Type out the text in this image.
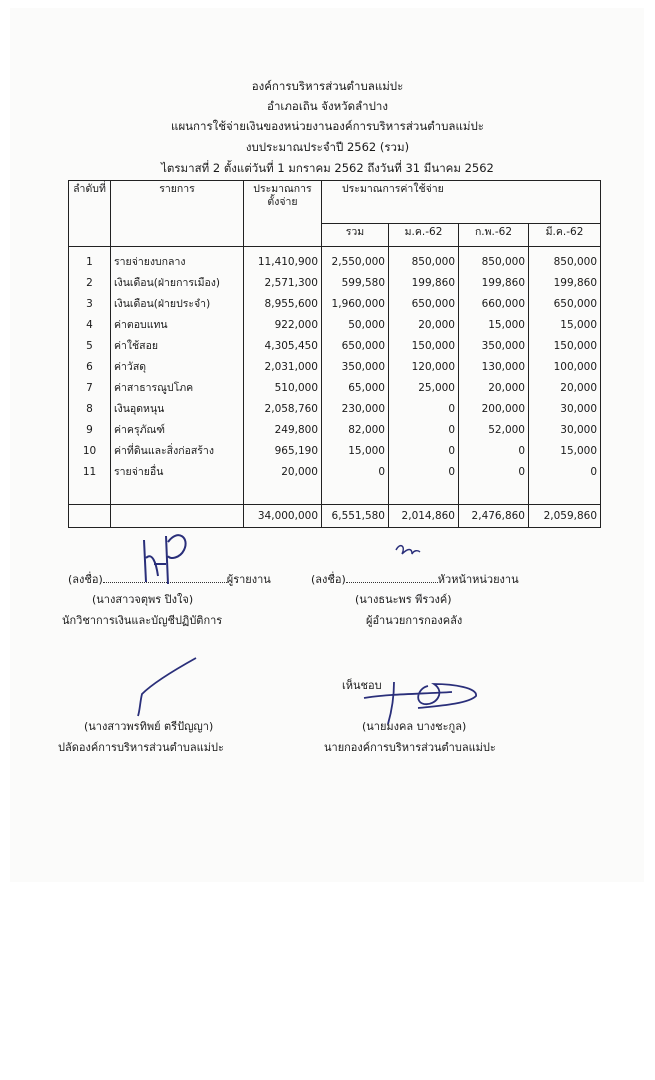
องค์การบริหารส่วนตำบลแม่ปะ
อำเภอเถิน จังหวัดลำปาง
แผนการใช้จ่ายเงินของหน่วยงานองค์การบริหารส่วนตำบลแม่ปะ
งบประมาณประจำปี 2562 (รวม)
ไตรมาสที่ 2 ตั้งแต่วันที่ 1 มกราคม 2562 ถึงวันที่ 31 มีนาคม 2562
ลำดับที่	รายการ	ประมาณการ
ตั้งจ่าย	ประมาณการค่าใช้จ่าย			
			รวม	ม.ค.-62	ก.พ.-62	มี.ค.-62
1	รายจ่ายงบกลาง	11,410,900	2,550,000	850,000	850,000	850,000
2	เงินเดือน(ฝ่ายการเมือง)	2,571,300	599,580	199,860	199,860	199,860
3	เงินเดือน(ฝ่ายประจำ)	8,955,600	1,960,000	650,000	660,000	650,000
4	ค่าตอบแทน	922,000	50,000	20,000	15,000	15,000
5	ค่าใช้สอย	4,305,450	650,000	150,000	350,000	150,000
6	ค่าวัสดุ	2,031,000	350,000	120,000	130,000	100,000
7	ค่าสาธารณูปโภค	510,000	65,000	25,000	20,000	20,000
8	เงินอุดหนุน	2,058,760	230,000	0	200,000	30,000
9	ค่าครุภัณฑ์	249,800	82,000	0	52,000	30,000
10	ค่าที่ดินและสิ่งก่อสร้าง	965,190	15,000	0	0	15,000
11	รายจ่ายอื่น	20,000	0	0	0	0

		34,000,000	6,551,580	2,014,860	2,476,860	2,059,860
(ลงชื่อ)	ผู้รายงาน
(นางสาวจตุพร ปิงใจ)
นักวิชาการเงินและบัญชีปฏิบัติการ
(ลงชื่อ)	หัวหน้าหน่วยงาน
(นางธนะพร พีรวงค์)
ผู้อำนวยการกองคลัง
เห็นชอบ
(นางสาวพรทิพย์ ตรีปัญญา)
ปลัดองค์การบริหารส่วนตำบลแม่ปะ
(นายมงคล บางชะกูล)
นายกองค์การบริหารส่วนตำบลแม่ปะ
